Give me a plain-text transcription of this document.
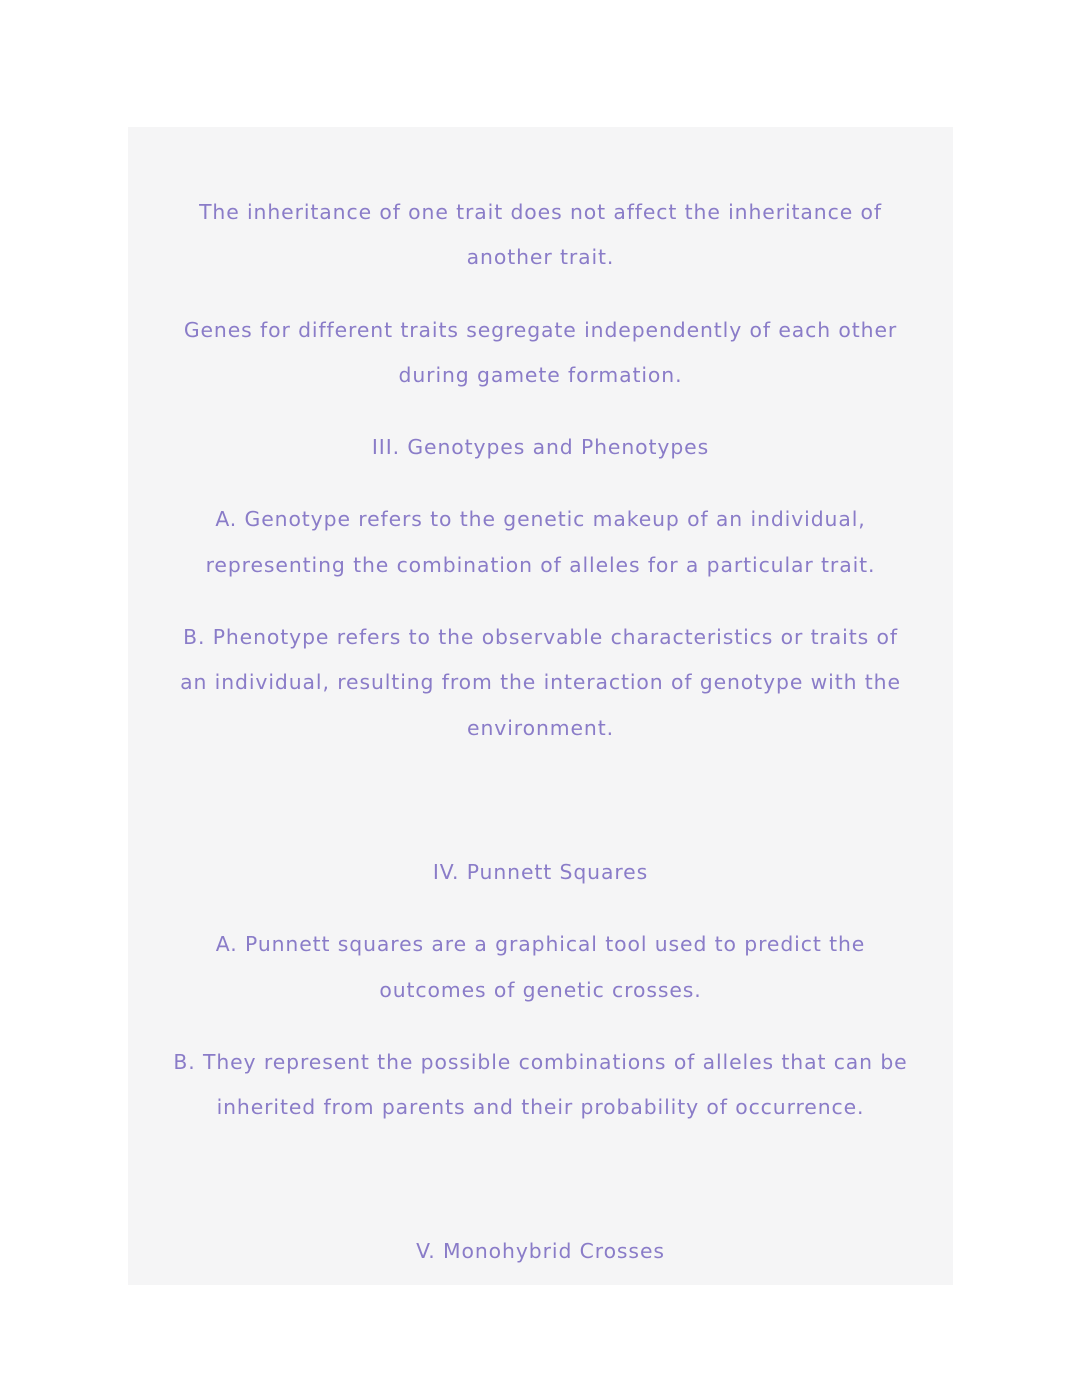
The inheritance of one trait does not affect the inheritance of
another trait.
Genes for different traits segregate independently of each other
during gamete formation.
III. Genotypes and Phenotypes
A. Genotype refers to the genetic makeup of an individual,
representing the combination of alleles for a particular trait.
B. Phenotype refers to the observable characteristics or traits of
an individual, resulting from the interaction of genotype with the
environment.
IV. Punnett Squares
A. Punnett squares are a graphical tool used to predict the
outcomes of genetic crosses.
B. They represent the possible combinations of alleles that can be
inherited from parents and their probability of occurrence.
V. Monohybrid Crosses
